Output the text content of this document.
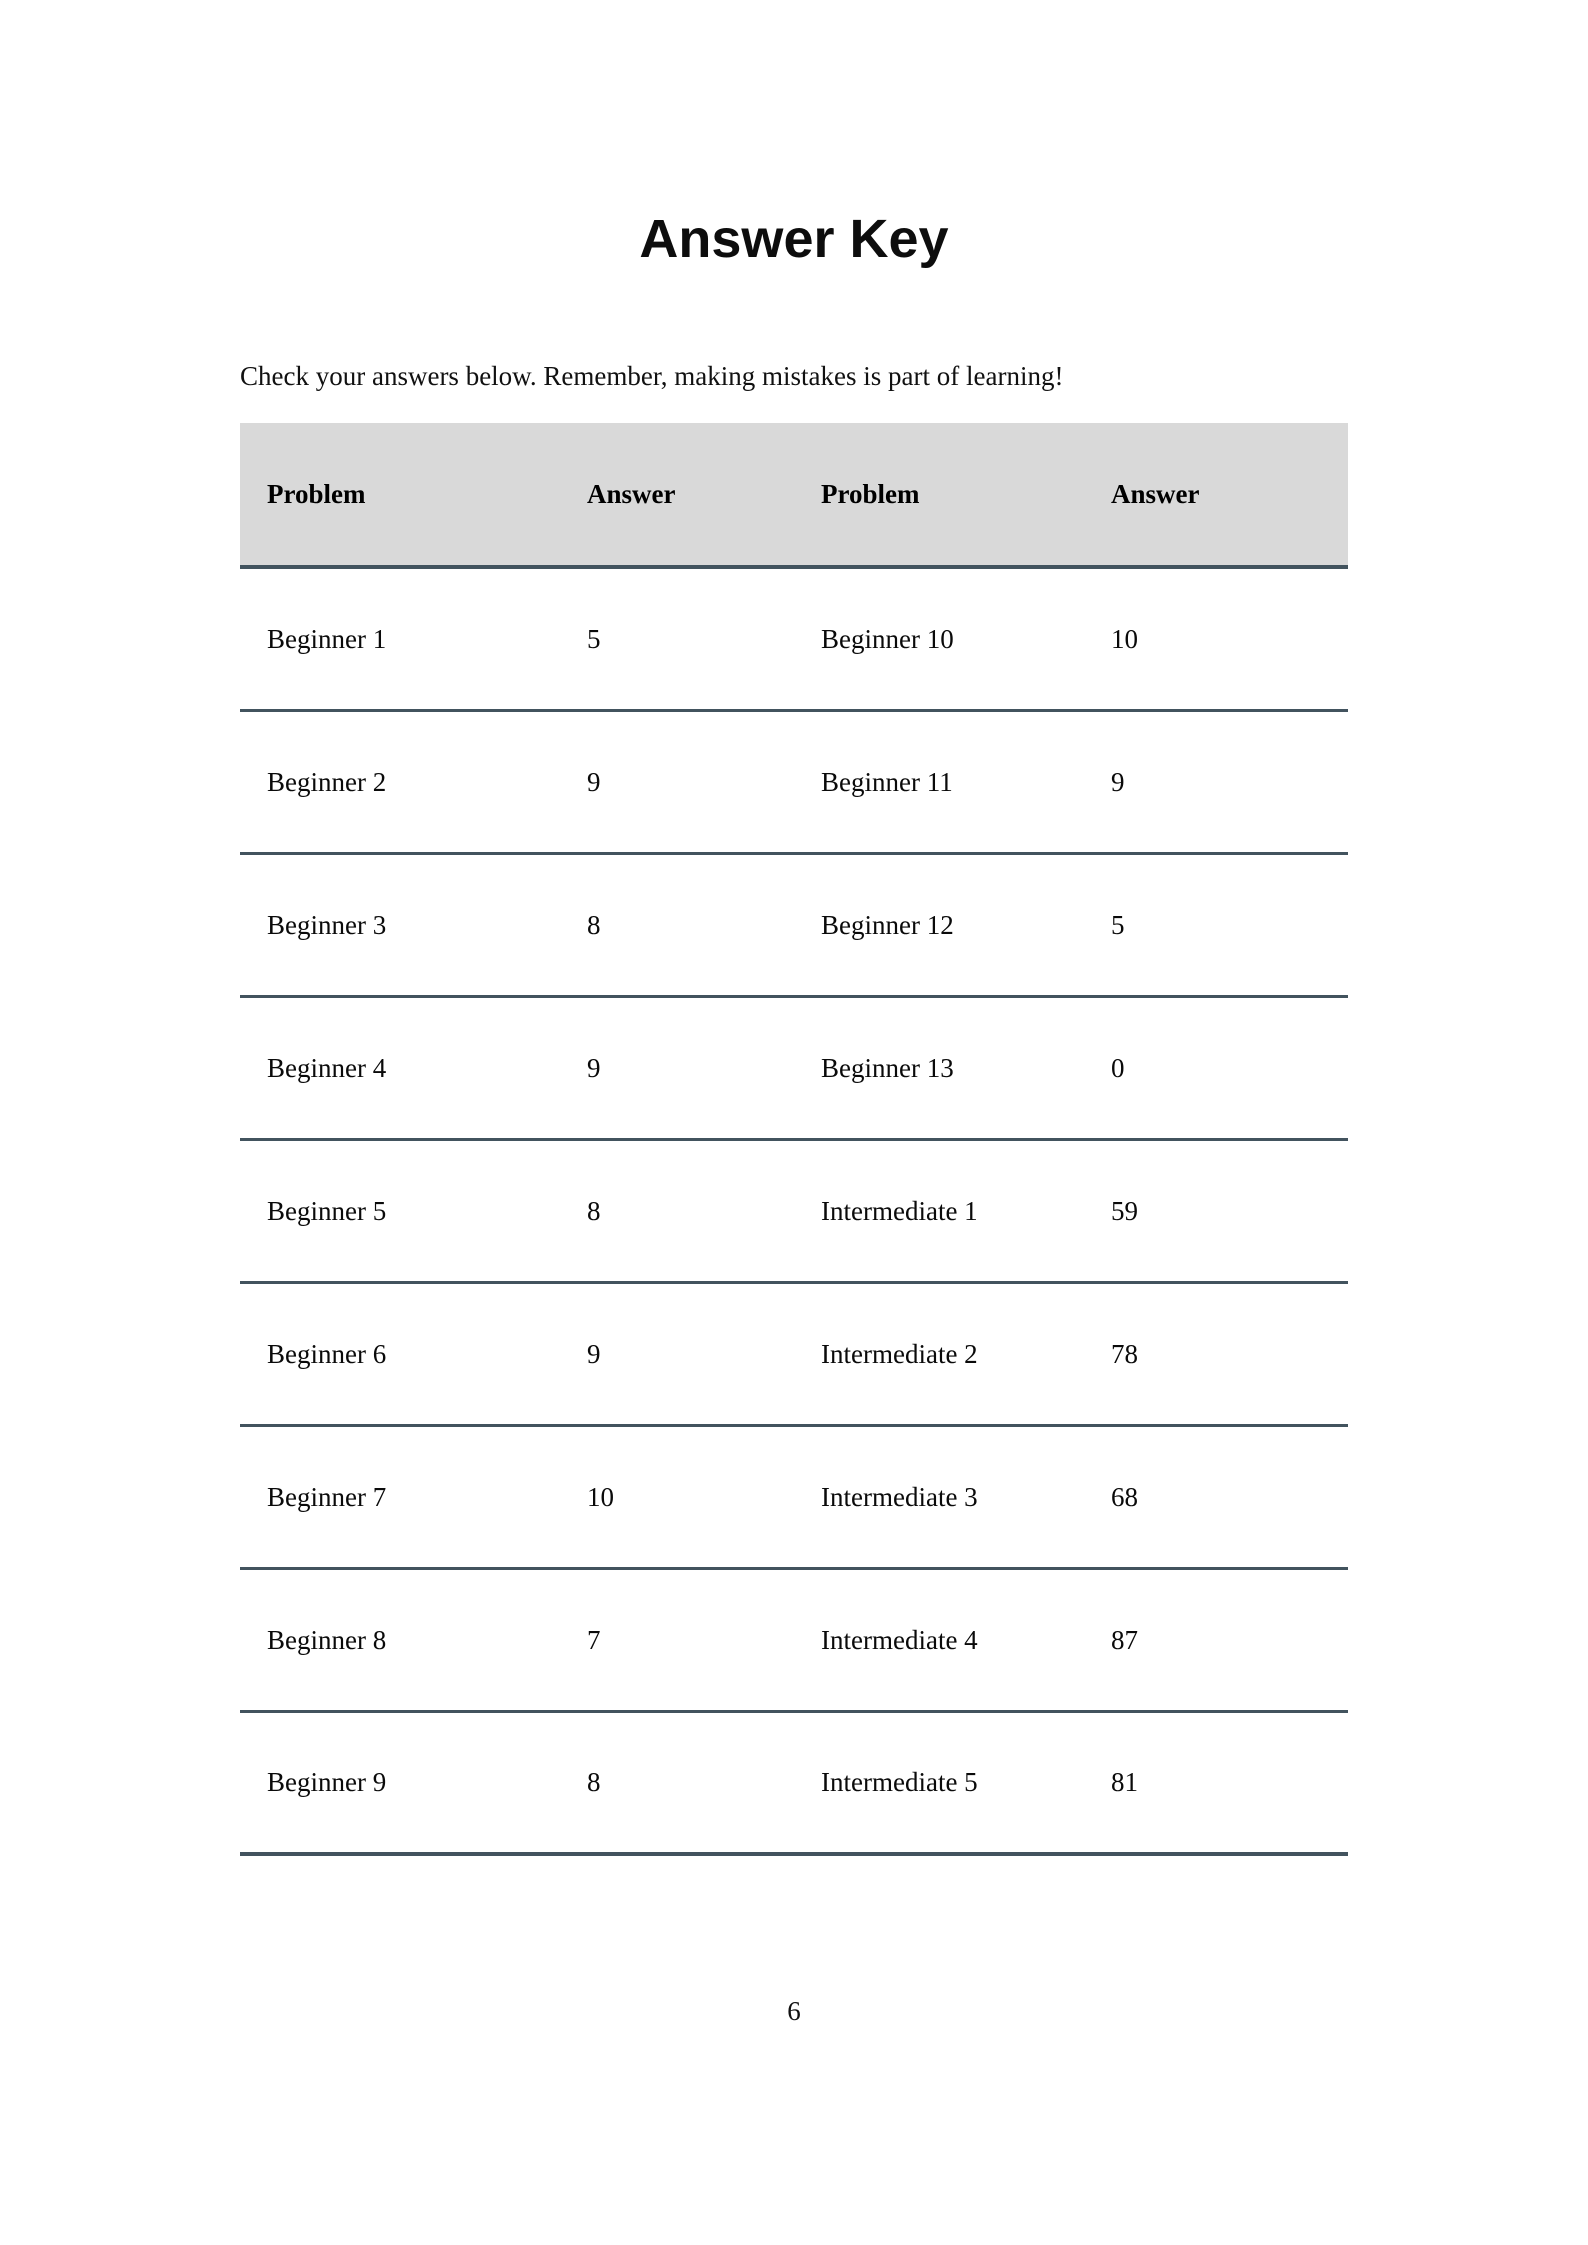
Answer Key

Check your answers below. Remember, making mistakes is part of learning!

Problem	Answer	Problem	Answer
Beginner 1	5	Beginner 10	10
Beginner 2	9	Beginner 11	9
Beginner 3	8	Beginner 12	5
Beginner 4	9	Beginner 13	0
Beginner 5	8	Intermediate 1	59
Beginner 6	9	Intermediate 2	78
Beginner 7	10	Intermediate 3	68
Beginner 8	7	Intermediate 4	87
Beginner 9	8	Intermediate 5	81
6
